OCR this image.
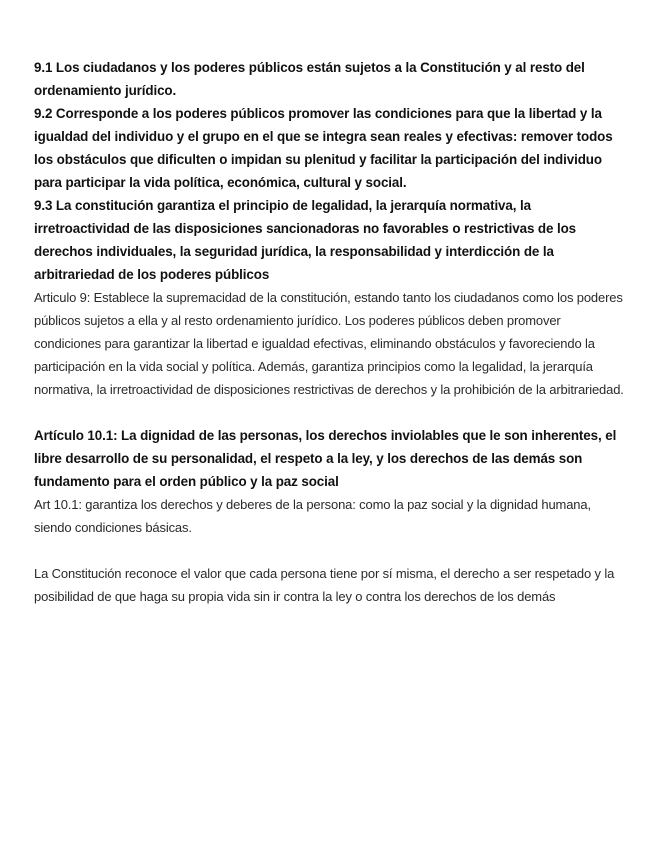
9.1 Los ciudadanos y los poderes públicos están sujetos a la Constitución y al resto del ordenamiento jurídico.

9.2 Corresponde a los poderes públicos promover las condiciones para que la libertad y la igualdad del individuo y el grupo en el que se integra sean reales y efectivas: remover todos los obstáculos que dificulten o impidan su plenitud y facilitar la participación del individuo para participar la vida política, económica, cultural y social.

9.3 La constitución garantiza el principio de legalidad, la jerarquía normativa, la irretroactividad de las disposiciones sancionadoras no favorables o restrictivas de los derechos individuales, la seguridad jurídica, la responsabilidad y interdicción de la arbitrariedad de los poderes públicos

Articulo 9: Establece la supremacidad de la constitución, estando tanto los ciudadanos como los poderes públicos sujetos a ella y al resto ordenamiento jurídico. Los poderes públicos deben promover condiciones para garantizar la libertad e igualdad efectivas, eliminando obstáculos y favoreciendo la participación en la vida social y política. Además, garantiza principios como la legalidad, la jerarquía normativa, la irretroactividad de disposiciones restrictivas de derechos y la prohibición de la arbitrariedad.

Artículo 10.1: La dignidad de las personas, los derechos inviolables que le son inherentes, el libre desarrollo de su personalidad, el respeto a la ley, y los derechos de las demás son fundamento para el orden público y la paz social

Art 10.1: garantiza los derechos y deberes de la persona: como la paz social y la dignidad humana, siendo condiciones básicas.

La Constitución reconoce el valor que cada persona tiene por sí misma, el derecho a ser respetado y la posibilidad de que haga su propia vida sin ir contra la ley o contra los derechos de los demás
